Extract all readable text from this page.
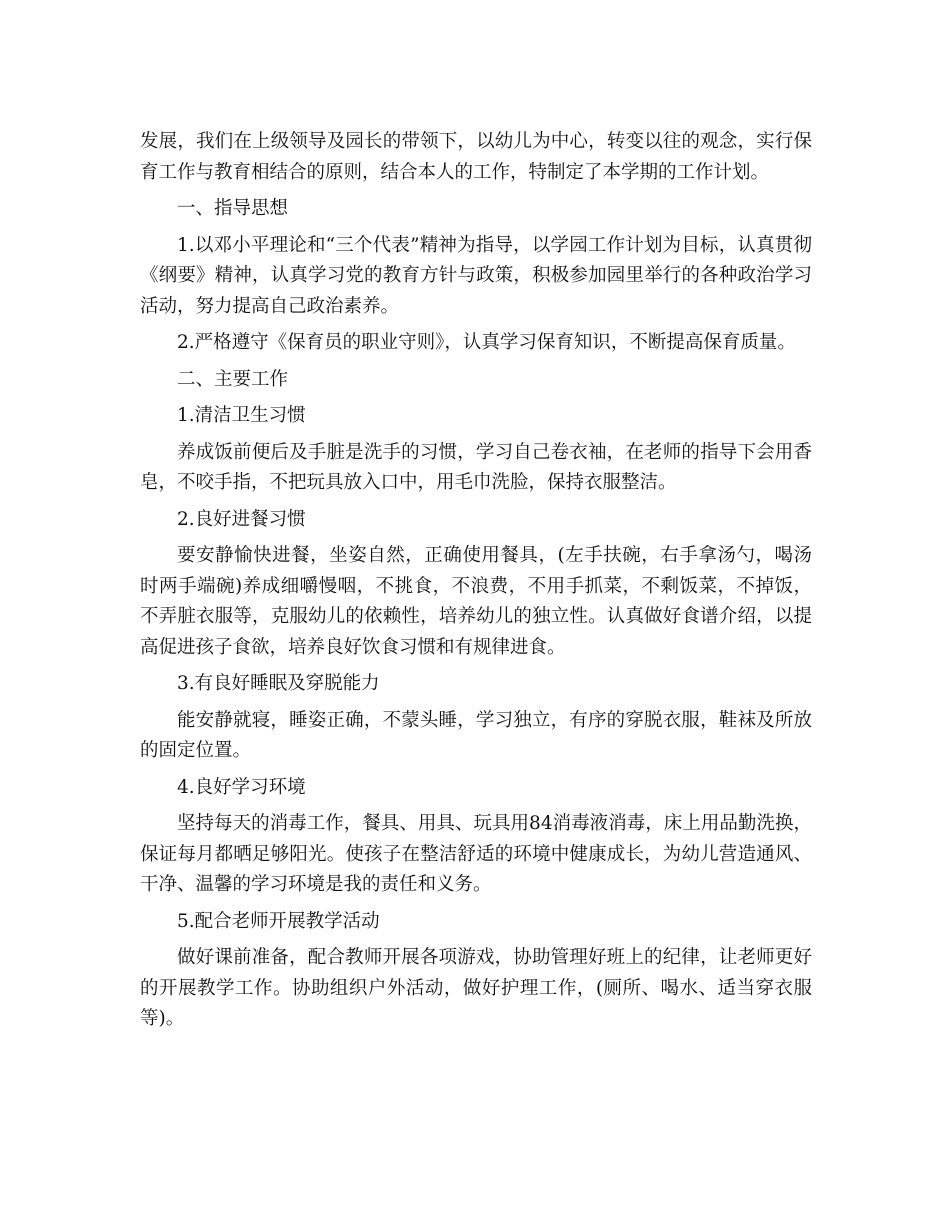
发展，我们在上级领导及园长的带领下，以幼儿为中心，转变以往的观念，实行保育工作与教育相结合的原则，结合本人的工作，特制定了本学期的工作计划。

一、指导思想

1.以邓小平理论和“三个代表”精神为指导，以学园工作计划为目标，认真贯彻《纲要》精神，认真学习党的教育方针与政策，积极参加园里举行的各种政治学习活动，努力提高自己政治素养。

2.严格遵守《保育员的职业守则》，认真学习保育知识，不断提高保育质量。

二、主要工作

1.清洁卫生习惯

养成饭前便后及手脏是洗手的习惯，学习自己卷衣袖，在老师的指导下会用香皂，不咬手指，不把玩具放入口中，用毛巾洗脸，保持衣服整洁。

2.良好进餐习惯

要安静愉快进餐，坐姿自然，正确使用餐具，(左手扶碗，右手拿汤勺，喝汤时两手端碗)养成细嚼慢咽，不挑食，不浪费，不用手抓菜，不剩饭菜，不掉饭，不弄脏衣服等，克服幼儿的依赖性，培养幼儿的独立性。认真做好食谱介绍，以提高促进孩子食欲，培养良好饮食习惯和有规律进食。

3.有良好睡眠及穿脱能力

能安静就寝，睡姿正确，不蒙头睡，学习独立，有序的穿脱衣服，鞋袜及所放的固定位置。

4.良好学习环境

坚持每天的消毒工作，餐具、用具、玩具用84消毒液消毒，床上用品勤洗换，保证每月都晒足够阳光。使孩子在整洁舒适的环境中健康成长，为幼儿营造通风、干净、温馨的学习环境是我的责任和义务。

5.配合老师开展教学活动

做好课前准备，配合教师开展各项游戏，协助管理好班上的纪律，让老师更好的开展教学工作。协助组织户外活动，做好护理工作，(厕所、喝水、适当穿衣服等)。
